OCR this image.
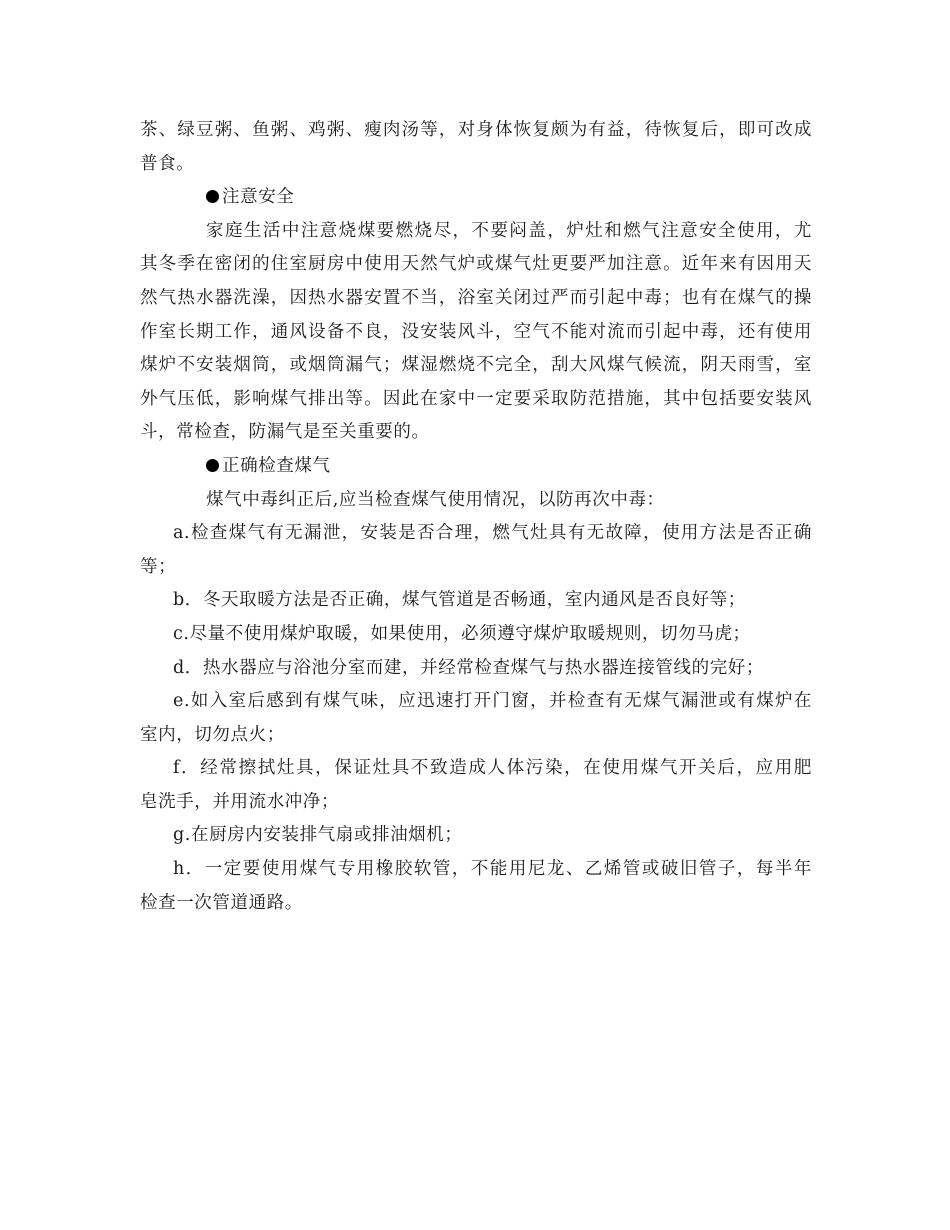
茶、绿豆粥、鱼粥、鸡粥、瘦肉汤等，对身体恢复颇为有益，待恢复后，即可改成
普食。
注意安全
家庭生活中注意烧煤要燃烧尽，不要闷盖，炉灶和燃气注意安全使用，尤
其冬季在密闭的住室厨房中使用天然气炉或煤气灶更要严加注意。近年来有因用天
然气热水器洗澡，因热水器安置不当，浴室关闭过严而引起中毒；也有在煤气的操
作室长期工作，通风设备不良，没安装风斗，空气不能对流而引起中毒，还有使用
煤炉不安装烟筒，或烟筒漏气；煤湿燃烧不完全，刮大风煤气候流，阴天雨雪，室
外气压低，影响煤气排出等。因此在家中一定要采取防范措施，其中包括要安装风
斗，常检查，防漏气是至关重要的。
正确检查煤气
煤气中毒纠正后,应当检查煤气使用情况，以防再次中毒：
a.检查煤气有无漏泄，安装是否合理，燃气灶具有无故障，使用方法是否正确
等；
b．冬天取暖方法是否正确，煤气管道是否畅通，室内通风是否良好等；
c.尽量不使用煤炉取暖，如果使用，必须遵守煤炉取暖规则，切勿马虎；
d．热水器应与浴池分室而建，并经常检查煤气与热水器连接管线的完好；
e.如入室后感到有煤气味，应迅速打开门窗，并检查有无煤气漏泄或有煤炉在
室内，切勿点火；
f．经常擦拭灶具，保证灶具不致造成人体污染，在使用煤气开关后，应用肥
皂洗手，并用流水冲净；
g.在厨房内安装排气扇或排油烟机；
h．一定要使用煤气专用橡胶软管，不能用尼龙、乙烯管或破旧管子，每半年
检查一次管道通路。
